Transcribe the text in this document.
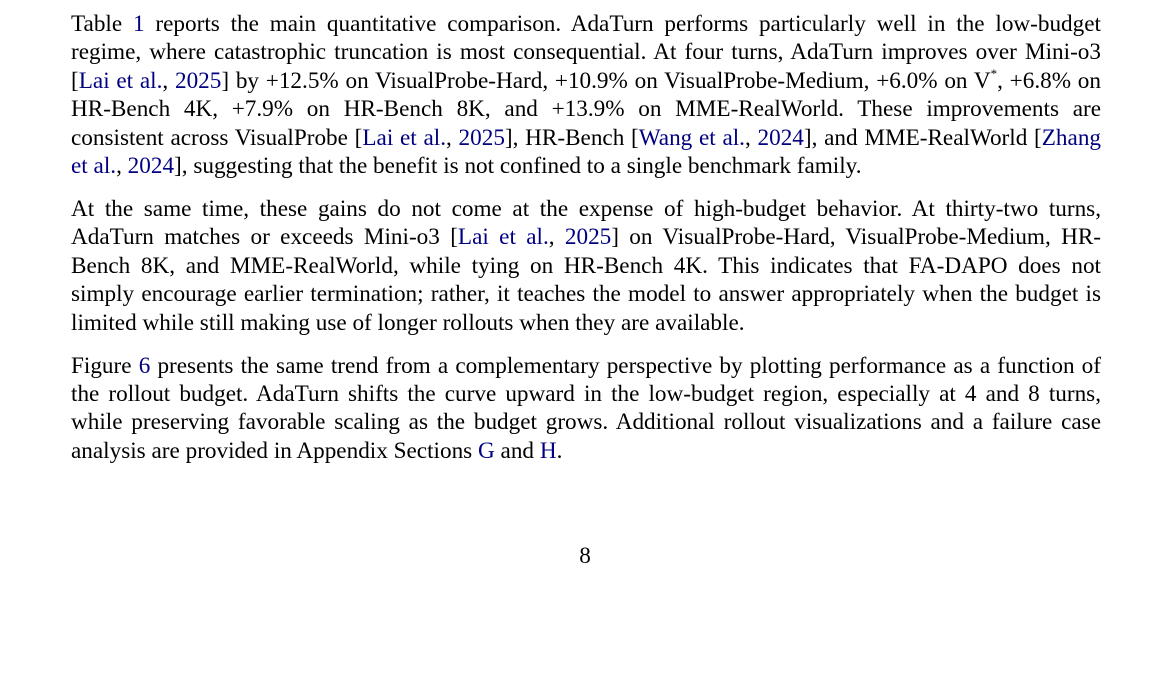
Table 1 reports the main quantitative comparison. AdaTurn performs particularly well in the low-budget regime, where catastrophic truncation is most consequential. At four turns, AdaTurn improves over Mini-o3 [Lai et al., 2025] by +12.5% on VisualProbe-Hard, +10.9% on VisualProbe-Medium, +6.0% on V*, +6.8% on HR-Bench 4K, +7.9% on HR-Bench 8K, and +13.9% on MME-RealWorld. These improvements are consistent across VisualProbe [Lai et al., 2025], HR-Bench [Wang et al., 2024], and MME-RealWorld [Zhang et al., 2024], suggesting that the benefit is not confined to a single benchmark family.

At the same time, these gains do not come at the expense of high-budget behavior. At thirty-two turns, AdaTurn matches or exceeds Mini-o3 [Lai et al., 2025] on VisualProbe-Hard, VisualProbe-Medium, HR-Bench 8K, and MME-RealWorld, while tying on HR-Bench 4K. This indicates that FA-DAPO does not simply encourage earlier termination; rather, it teaches the model to answer appropriately when the budget is limited while still making use of longer rollouts when they are available.

Figure 6 presents the same trend from a complementary perspective by plotting performance as a function of the rollout budget. AdaTurn shifts the curve upward in the low-budget region, especially at 4 and 8 turns, while preserving favorable scaling as the budget grows. Additional rollout visualizations and a failure case analysis are provided in Appendix Sections G and H.

8
